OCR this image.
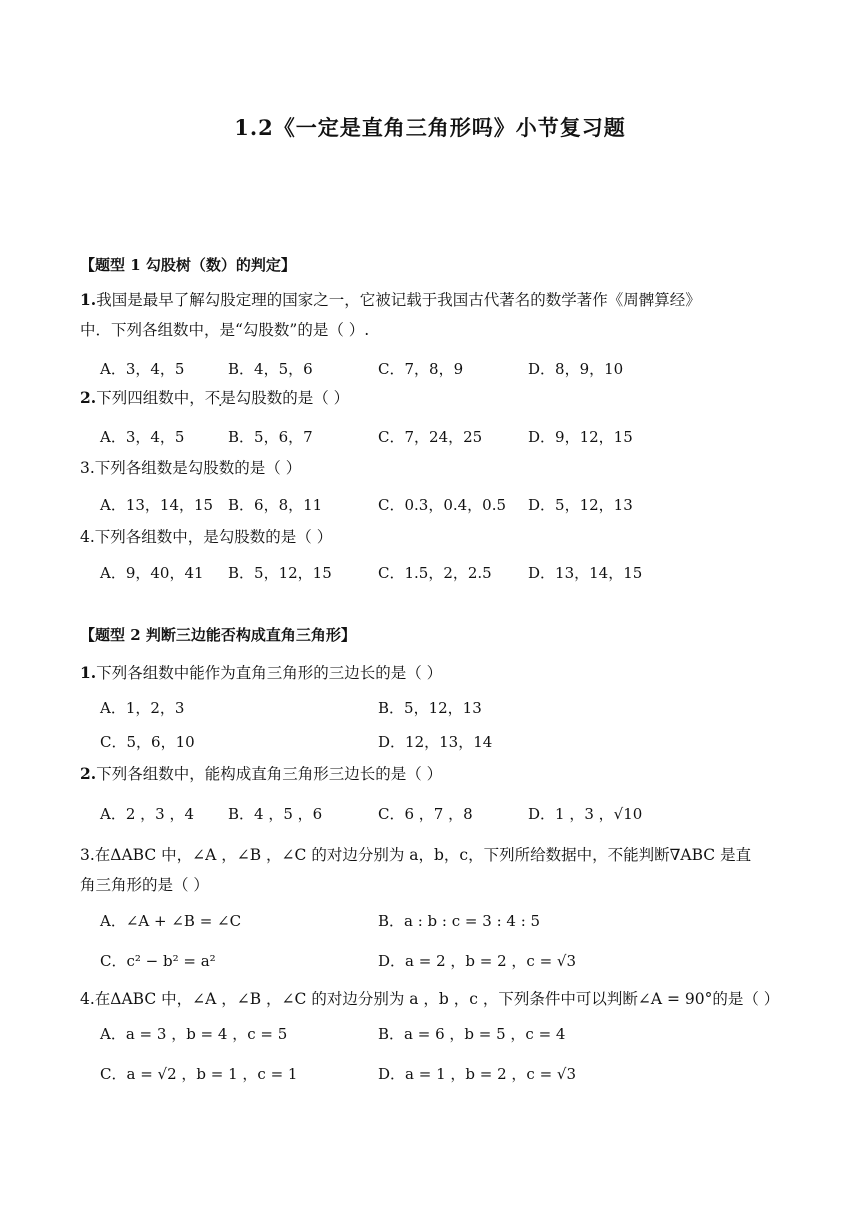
1.2《一定是直角三角形吗》小节复习题
【题型 1 勾股树（数）的判定】
1.我国是最早了解勾股定理的国家之一，它被记载于我国古代著名的数学著作《周髀算经》
中．下列各组数中，是“勾股数”的是（ ）.
A．3，4，5	B．4，5，6	C．7，8，9	D．8，9，10
2.下列四组数中，不是勾股数的是（ ）
A．3，4，5	B．5，6，7	C．7，24，25	D．9，12，15
3.下列各组数是勾股数的是（ ）
A．13，14，15 B．6，8，11	C．0.3，0.4，0.5 D．5，12，13
4.下列各组数中，是勾股数的是（ ）
A．9，40，41 B．5，12，15	C．1.5，2，2.5 D．13，14，15
【题型 2 判断三边能否构成直角三角形】
1.下列各组数中能作为直角三角形的三边长的是（ ）
A．1，2，3	B．5，12，13
C．5，6，10	D．12，13，14
2.下列各组数中，能构成直角三角形三边长的是（ ）
A．2 ，3 ，4 B．4 ，5 ，6	C．6 ，7 ，8	D．1 ，3 ，√10
3.在ΔABC 中，∠A ，∠B ，∠C 的对边分别为 a，b，c，下列所给数据中，不能判断∇ABC 是直
角三角形的是（ ）
A．∠A + ∠B = ∠C	B．a : b : c = 3 : 4 : 5
C．c² − b² = a²	D．a = 2 ，b = 2 ，c = √3
4.在ΔABC 中，∠A ，∠B ，∠C 的对边分别为 a ，b ，c ，下列条件中可以判断∠A = 90°的是（ ）
A．a = 3 ，b = 4 ，c = 5	B．a = 6 ，b = 5 ，c = 4
C．a = √2 ，b = 1 ，c = 1	D．a = 1 ，b = 2 ，c = √3
